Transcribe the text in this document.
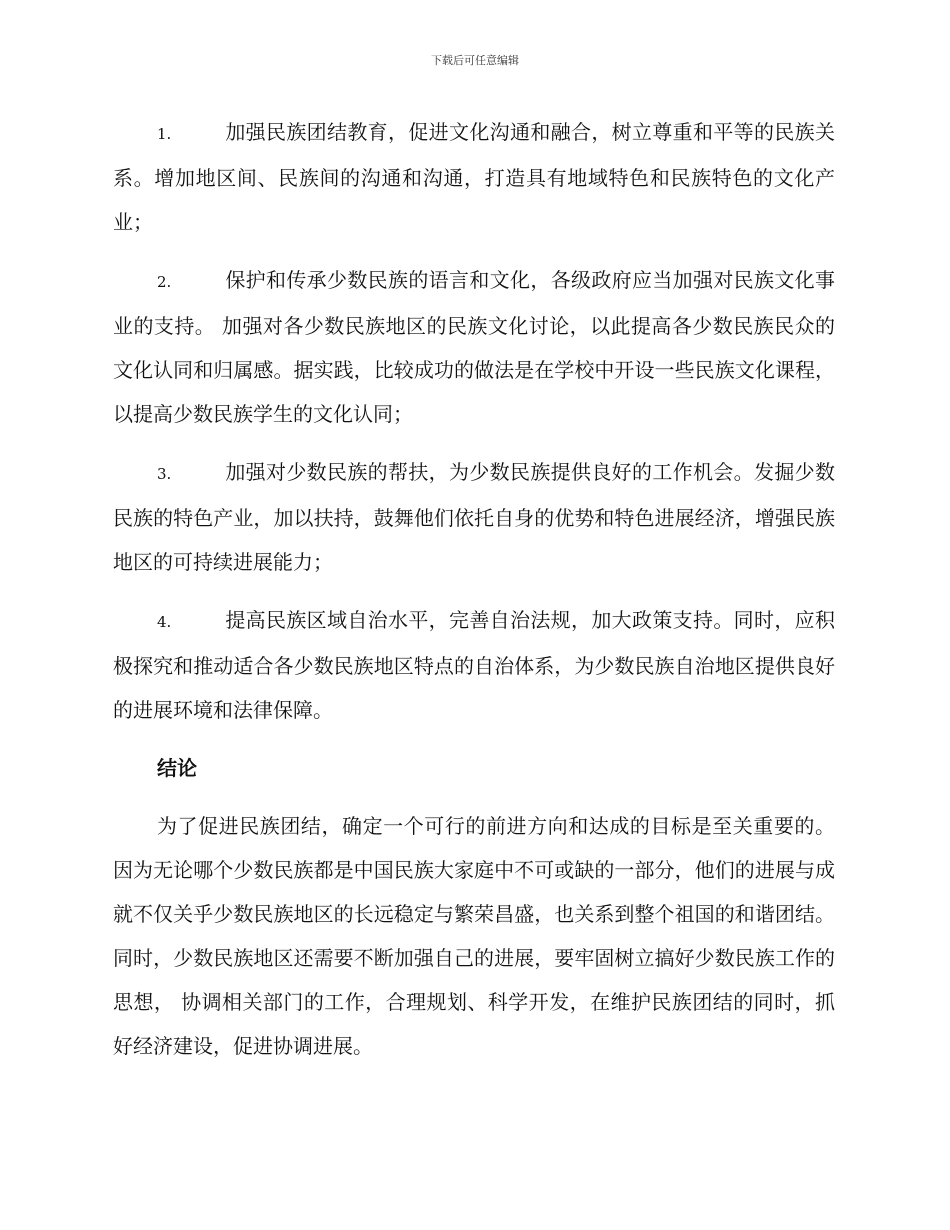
下载后可任意编辑

1.	加强民族团结教育，促进文化沟通和融合，树立尊重和平等的民族关系。增加地区间、民族间的沟通和沟通，打造具有地域特色和民族特色的文化产业；

2.	保护和传承少数民族的语言和文化，各级政府应当加强对民族文化事业的支持。 加强对各少数民族地区的民族文化讨论，以此提高各少数民族民众的文化认同和归属感。据实践，比较成功的做法是在学校中开设一些民族文化课程，以提高少数民族学生的文化认同；

3.	加强对少数民族的帮扶，为少数民族提供良好的工作机会。发掘少数民族的特色产业，加以扶持，鼓舞他们依托自身的优势和特色进展经济，增强民族地区的可持续进展能力；

4.	提高民族区域自治水平，完善自治法规，加大政策支持。同时，应积极探究和推动适合各少数民族地区特点的自治体系，为少数民族自治地区提供良好的进展环境和法律保障。

结论

为了促进民族团结，确定一个可行的前进方向和达成的目标是至关重要的。 因为无论哪个少数民族都是中国民族大家庭中不可或缺的一部分，他们的进展与成就不仅关乎少数民族地区的长远稳定与繁荣昌盛，也关系到整个祖国的和谐团结。同时，少数民族地区还需要不断加强自己的进展，要牢固树立搞好少数民族工作的思想， 协调相关部门的工作，合理规划、科学开发，在维护民族团结的同时，抓好经济建设，促进协调进展。
